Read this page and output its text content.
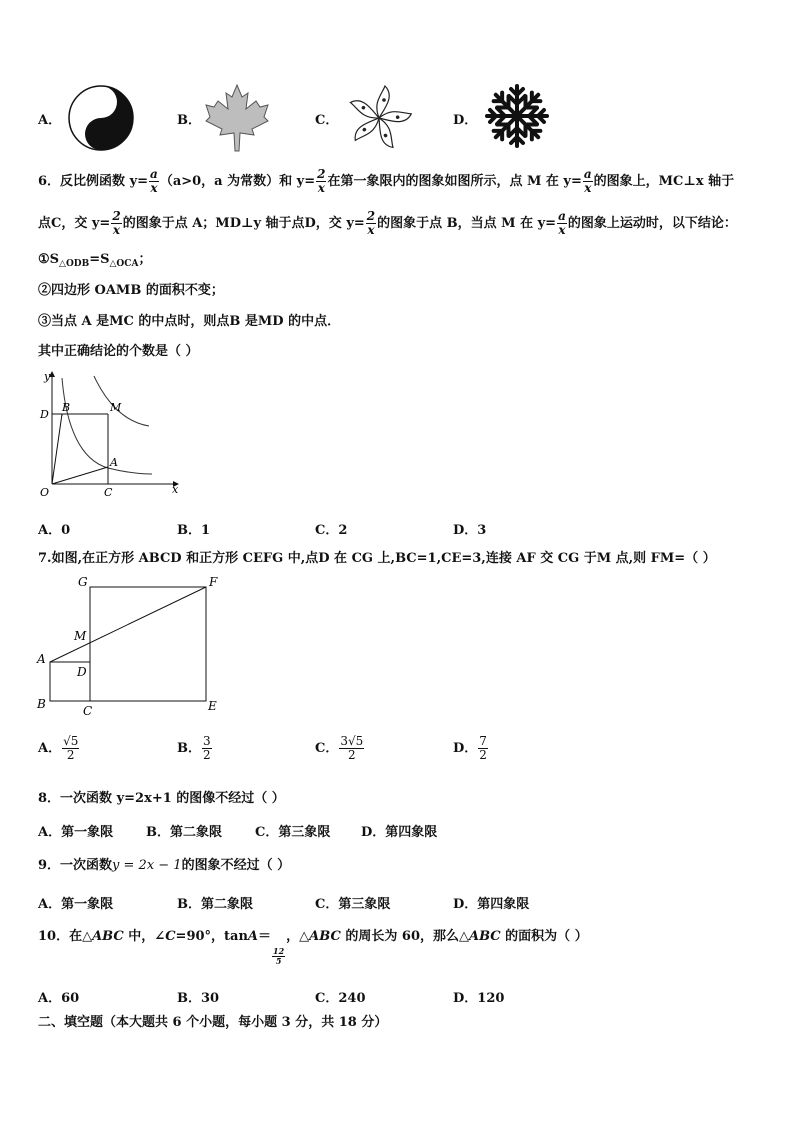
A．	B．	C．	D．
6．反比例函数 $y= \frac{a}{x} (a>0$，a 为常数）和 $y= \frac{2}{x}$ 在第一象限内的图象如图所示，点 M 在 $y= \frac{a}{x}$ 的图象上，MC⊥x 轴于
点C，交 $y= \frac{2}{x}$ 的图象于点 A；MD⊥y 轴于点D，交 $y= \frac{2}{x}$ 的图象于点 B，当点 M 在 $y= \frac{a}{x}$ 的图象上运动时，以下结论：
$①S_{\triangle ODB}=S_{\triangle OCA}$；
②四边形 OAMB 的面积不变；
③当点 A 是MC 的中点时，则点B 是MD 的中点．
其中正确结论的个数是（ ）
y
x
O
D
B	M
A
C
A．0	B．1	C．2	D．3
7.如图,在正方形 ABCD 和正方形 CEFG 中,点D 在 CG 上,BC=1,CE=3,连接 AF 交 CG 于M 点,则 FM=（ ）
G	F
M
A
D
B	C	E
A． $\frac{√5}{2}$	B． $\frac{3}{2}$	C． $\frac{3√5}{2}$	D． $\frac{7}{2}$
8．一次函数 y=2x+1 的图像不经过（ ）
A．第一象限	B．第二象限	C．第三象限 D．第四象限
9．一次函数y = 2x − 1的图象不经过（ ）
A．第一象限	B．第二象限	C．第三象限	D．第四象限
10．在△ABC 中，∠C=90°，tanA＝
$\frac{12}{5}$
，△ABC 的周长为 60，那么△ABC 的面积为（ ）
A．60	B．30	C．240	D．120
二、填空题（本大题共 6 个小题，每小题 3 分，共 18 分）
